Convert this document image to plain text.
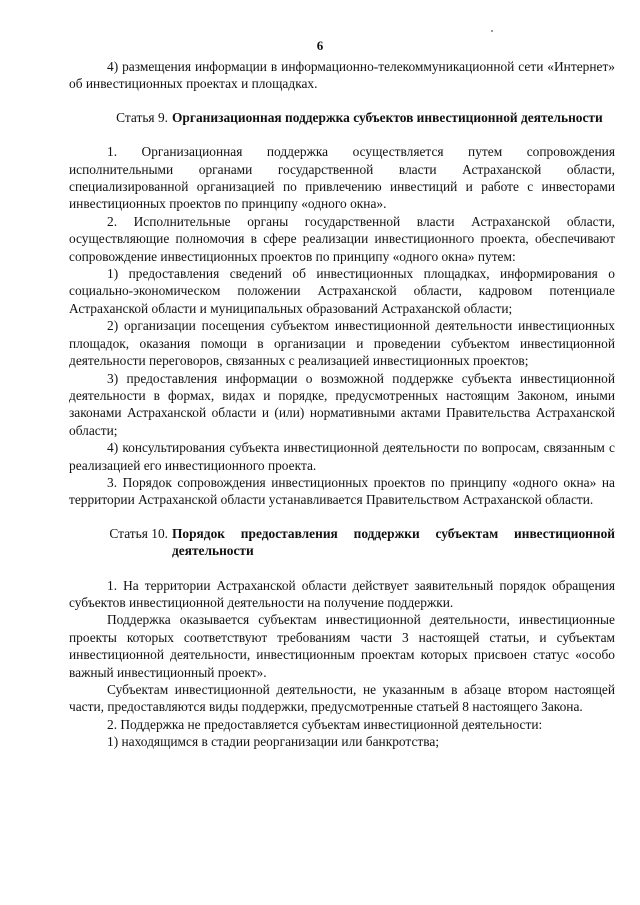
6

4) размещения информации в информационно-телекоммуникационной сети «Интернет» об инвестиционных проектах и площадках.

Статья 9. Организационная поддержка субъектов инвестиционной деятельности

1. Организационная поддержка осуществляется путем сопровождения исполнительными органами государственной власти Астраханской области, специализированной организацией по привлечению инвестиций и работе с инвесторами инвестиционных проектов по принципу «одного окна».

2. Исполнительные органы государственной власти Астраханской области, осуществляющие полномочия в сфере реализации инвестиционного проекта, обеспечивают сопровождение инвестиционных проектов по принципу «одного окна» путем:

1) предоставления сведений об инвестиционных площадках, информирования о социально-экономическом положении Астраханской области, кадровом потенциале Астраханской области и муниципальных образований Астраханской области;

2) организации посещения субъектом инвестиционной деятельности инвестиционных площадок, оказания помощи в организации и проведении субъектом инвестиционной деятельности переговоров, связанных с реализацией инвестиционных проектов;

3) предоставления информации о возможной поддержке субъекта инвестиционной деятельности в формах, видах и порядке, предусмотренных настоящим Законом, иными законами Астраханской области и (или) нормативными актами Правительства Астраханской области;

4) консультирования субъекта инвестиционной деятельности по вопросам, связанным с реализацией его инвестиционного проекта.

3. Порядок сопровождения инвестиционных проектов по принципу «одного окна» на территории Астраханской области устанавливается Правительством Астраханской области.

Статья 10. Порядок предоставления поддержки субъектам инвестиционной деятельности

1. На территории Астраханской области действует заявительный порядок обращения субъектов инвестиционной деятельности на получение поддержки.

Поддержка оказывается субъектам инвестиционной деятельности, инвестиционные проекты которых соответствуют требованиям части 3 настоящей статьи, и субъектам инвестиционной деятельности, инвестиционным проектам которых присвоен статус «особо важный инвестиционный проект».

Субъектам инвестиционной деятельности, не указанным в абзаце втором настоящей части, предоставляются виды поддержки, предусмотренные статьей 8 настоящего Закона.

2. Поддержка не предоставляется субъектам инвестиционной деятельности:

1) находящимся в стадии реорганизации или банкротства;
